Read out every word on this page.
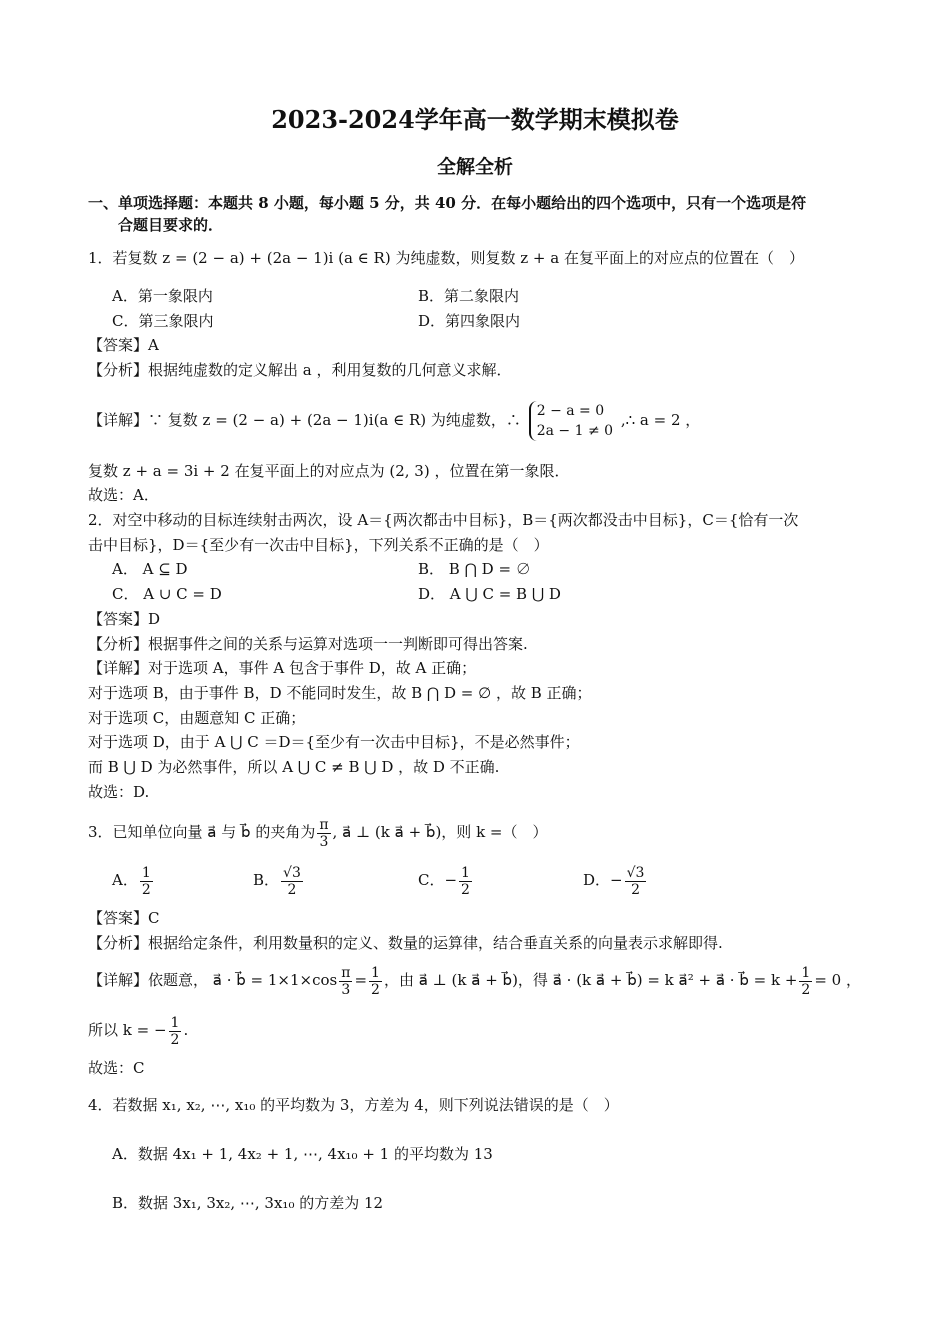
2023-2024学年高一数学期末模拟卷
全解全析
一、单项选择题：本题共 8 小题，每小题 5 分，共 40 分．在每小题给出的四个选项中，只有一个选项是符
合题目要求的．
1．若复数 z = (2 − a) + (2a − 1)i (a ∈ R) 为纯虚数，则复数 z + a 在复平面上的对应点的位置在（　）
A．第一象限内	B．第二象限内
C．第三象限内	D．第四象限内
【答案】A
【分析】根据纯虚数的定义解出 a ，利用复数的几何意义求解．
【详解】∵ 复数 z = (2 − a) + (2a − 1)i(a ∈ R) 为纯虚数，∴ 2 − a = 0
2a − 1 ≠ 0
,∴ a = 2 ，
复数 z + a = 3i + 2 在复平面上的对应点为 (2, 3) ，位置在第一象限．
故选：A．
2．对空中移动的目标连续射击两次，设 A＝{两次都击中目标}，B＝{两次都没击中目标}，C＝{恰有一次
击中目标}，D＝{至少有一次击中目标}，下列关系不正确的是（　）
A． A ⊆ D	B． B ⋂ D = ∅
C． A ∪ C = D	D． A ⋃ C = B ⋃ D
【答案】D
【分析】根据事件之间的关系与运算对选项一一判断即可得出答案.
【详解】对于选项 A，事件 A 包含于事件 D，故 A 正确；
对于选项 B，由于事件 B，D 不能同时发生，故 B ⋂ D = ∅ ，故 B 正确；
对于选项 C，由题意知 C 正确；
对于选项 D，由于 A ⋃ C ＝D＝{至少有一次击中目标}，不是必然事件；
而 B ⋃ D 为必然事件，所以 A ⋃ C ≠ B ⋃ D ，故 D 不正确.
故选：D.
3．已知单位向量 a⃗ 与 b⃗ 的夹角为 $\frac{\pi}{3}$ , a⃗ ⊥ (k a⃗ + b⃗)，则 k =（　）
A． $\frac{1}{2}$	B． $\frac{√3}{2}$	C．− $\frac{1}{2}$	D．− $\frac{√3}{2}$
【答案】C
【分析】根据给定条件，利用数量积的定义、数量的运算律，结合垂直关系的向量表示求解即得.
【详解】依题意， a⃗ · b⃗ = $1\times 1\times\cos \frac{\pi}{3} = \frac{1}{2}$ ，由 a⃗ ⊥ (k a⃗ + b⃗)，得 a⃗ · (k a⃗ + b⃗) = k a⃗² + a⃗ · b⃗ = $k + \frac{1}{2} = 0$ ，
所以 k = − $\frac{1}{2}$ .
故选：C
4．若数据 x₁, x₂, ⋯, x₁₀ 的平均数为 3，方差为 4，则下列说法错误的是（　）
A．数据 4x₁ + 1, 4x₂ + 1, ⋯, 4x₁₀ + 1 的平均数为 13
B．数据 3x₁, 3x₂, ⋯, 3x₁₀ 的方差为 12
